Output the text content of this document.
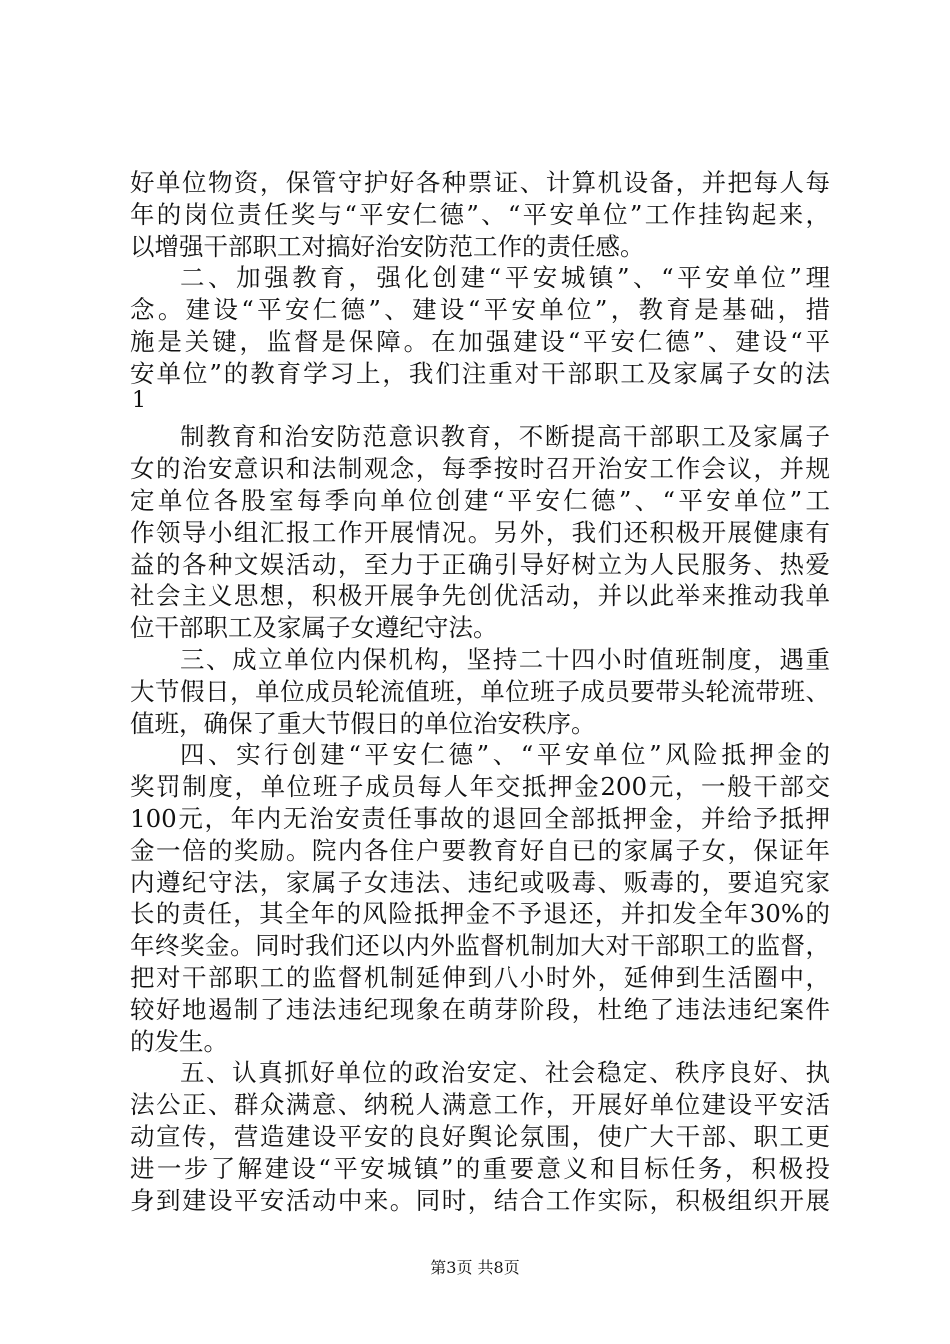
好单位物资，保管守护好各种票证、计算机设备，并把每人每
年的岗位责任奖与“平安仁德”、“平安单位”工作挂钩起来，
以增强干部职工对搞好治安防范工作的责任感。
二、加强教育，强化创建“平安城镇”、“平安单位”理
念。建设“平安仁德”、建设“平安单位”，教育是基础，措
施是关键，监督是保障。在加强建设“平安仁德”、建设“平
安单位”的教育学习上，我们注重对干部职工及家属子女的法
1
制教育和治安防范意识教育，不断提高干部职工及家属子
女的治安意识和法制观念，每季按时召开治安工作会议，并规
定单位各股室每季向单位创建“平安仁德”、“平安单位”工
作领导小组汇报工作开展情况。另外，我们还积极开展健康有
益的各种文娱活动，至力于正确引导好树立为人民服务、热爱
社会主义思想，积极开展争先创优活动，并以此举来推动我单
位干部职工及家属子女遵纪守法。
三、成立单位内保机构，坚持二十四小时值班制度，遇重
大节假日，单位成员轮流值班，单位班子成员要带头轮流带班、
值班，确保了重大节假日的单位治安秩序。
四、实行创建“平安仁德”、“平安单位”风险抵押金的
奖罚制度，单位班子成员每人年交抵押金200元，一般干部交
100元，年内无治安责任事故的退回全部抵押金，并给予抵押
金一倍的奖励。院内各住户要教育好自已的家属子女，保证年
内遵纪守法，家属子女违法、违纪或吸毒、贩毒的，要追究家
长的责任，其全年的风险抵押金不予退还，并扣发全年30%的
年终奖金。同时我们还以内外监督机制加大对干部职工的监督，
把对干部职工的监督机制延伸到八小时外，延伸到生活圈中，
较好地遏制了违法违纪现象在萌芽阶段，杜绝了违法违纪案件
的发生。
五、认真抓好单位的政治安定、社会稳定、秩序良好、执
法公正、群众满意、纳税人满意工作，开展好单位建设平安活
动宣传，营造建设平安的良好舆论氛围，使广大干部、职工更
进一步了解建设“平安城镇”的重要意义和目标任务，积极投
身到建设平安活动中来。同时，结合工作实际，积极组织开展
第3页 共8页
